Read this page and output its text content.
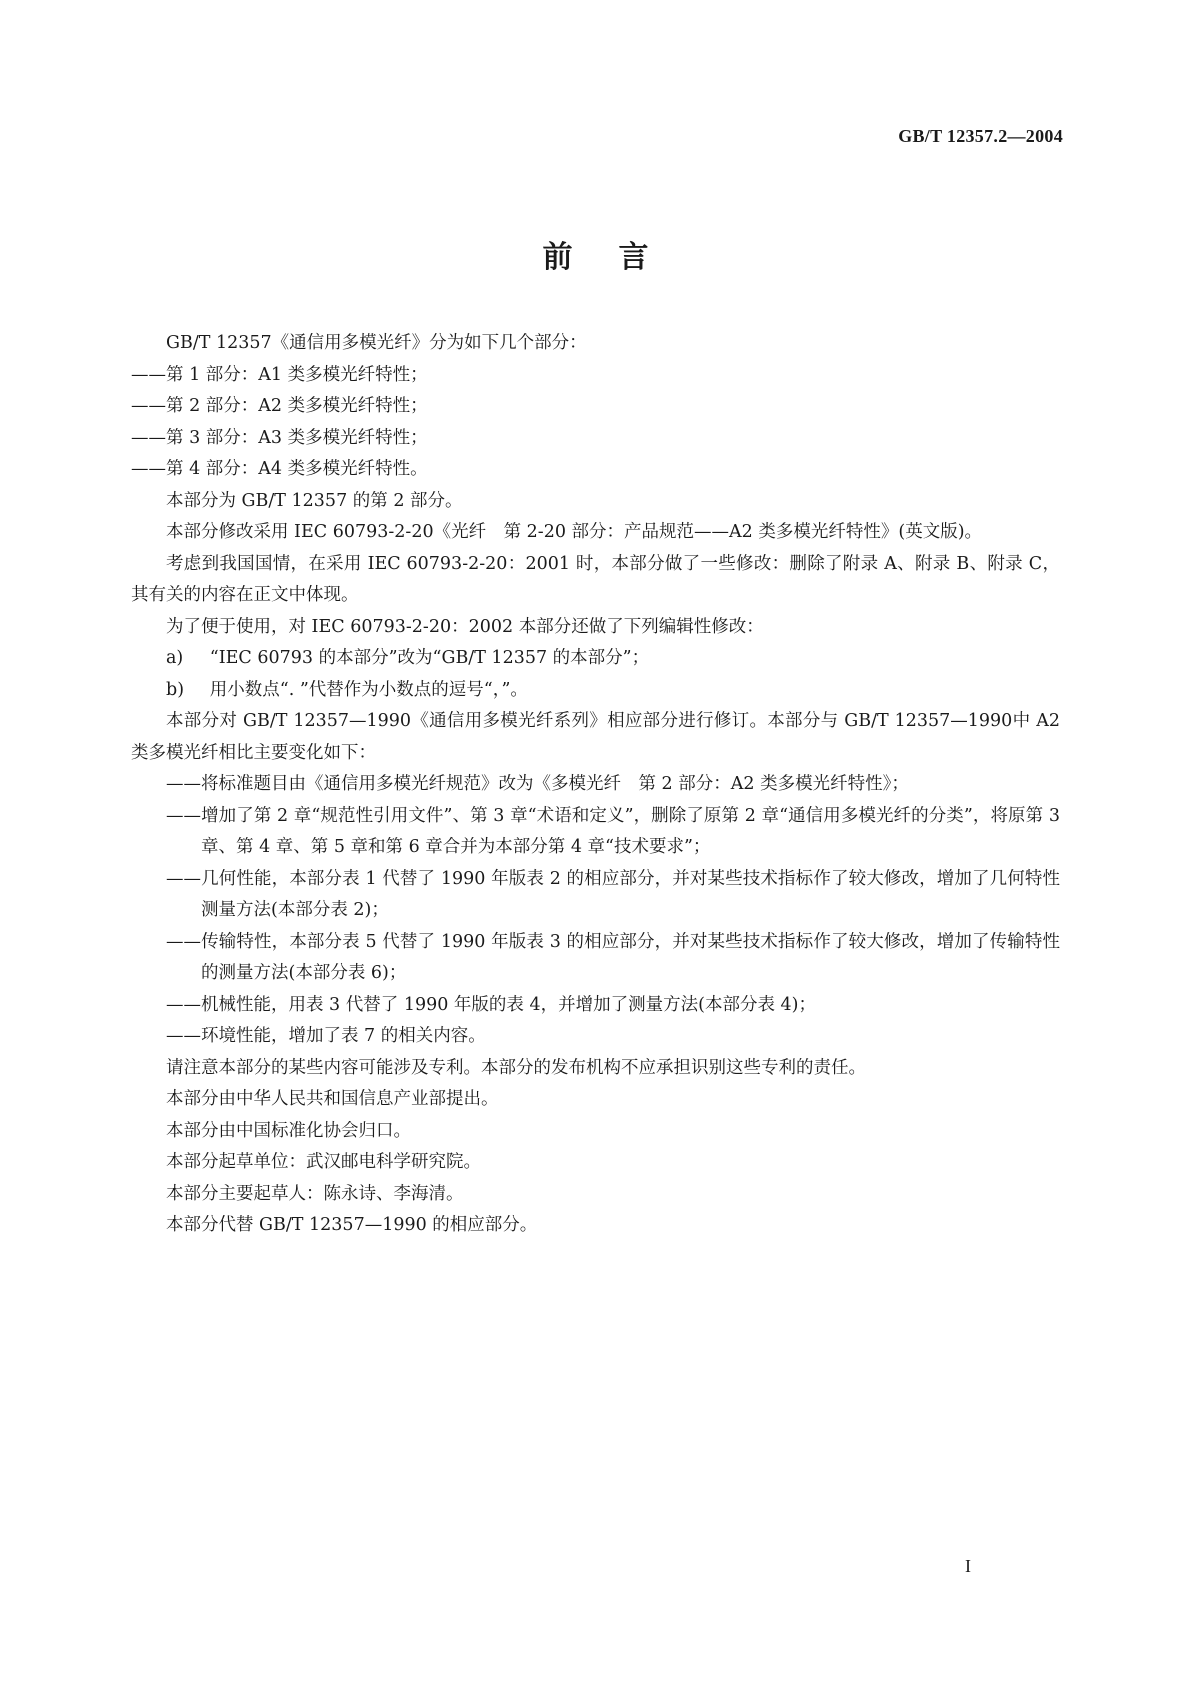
GB/T 12357.2—2004
前言

GB/T 12357《通信用多模光纤》分为如下几个部分：

——第 1 部分：A1 类多模光纤特性；

——第 2 部分：A2 类多模光纤特性；

——第 3 部分：A3 类多模光纤特性；

——第 4 部分：A4 类多模光纤特性。

本部分为 GB/T 12357 的第 2 部分。

本部分修改采用 IEC 60793-2-20《光纤　第 2-20 部分：产品规范——A2 类多模光纤特性》(英文版)。

考虑到我国国情，在采用 IEC 60793-2-20：2001 时，本部分做了一些修改：删除了附录 A、附录 B、附录 C，其有关的内容在正文中体现。

为了便于使用，对 IEC 60793-2-20：2002 本部分还做了下列编辑性修改：

a) “IEC 60793 的本部分”改为“GB/T 12357 的本部分”；

b) 用小数点“. ”代替作为小数点的逗号“，”。

本部分对 GB/T 12357—1990《通信用多模光纤系列》相应部分进行修订。本部分与 GB/T 12357—1990中 A2 类多模光纤相比主要变化如下：

——将标准题目由《通信用多模光纤规范》改为《多模光纤　第 2 部分：A2 类多模光纤特性》；

——增加了第 2 章“规范性引用文件”、第 3 章“术语和定义”，删除了原第 2 章“通信用多模光纤的分类”，将原第 3 章、第 4 章、第 5 章和第 6 章合并为本部分第 4 章“技术要求”；

——几何性能，本部分表 1 代替了 1990 年版表 2 的相应部分，并对某些技术指标作了较大修改，增加了几何特性测量方法(本部分表 2)；

——传输特性，本部分表 5 代替了 1990 年版表 3 的相应部分，并对某些技术指标作了较大修改，增加了传输特性的测量方法(本部分表 6)；

——机械性能，用表 3 代替了 1990 年版的表 4，并增加了测量方法(本部分表 4)；

——环境性能，增加了表 7 的相关内容。

请注意本部分的某些内容可能涉及专利。本部分的发布机构不应承担识别这些专利的责任。

本部分由中华人民共和国信息产业部提出。

本部分由中国标准化协会归口。

本部分起草单位：武汉邮电科学研究院。

本部分主要起草人：陈永诗、李海清。

本部分代替 GB/T 12357—1990 的相应部分。

I
